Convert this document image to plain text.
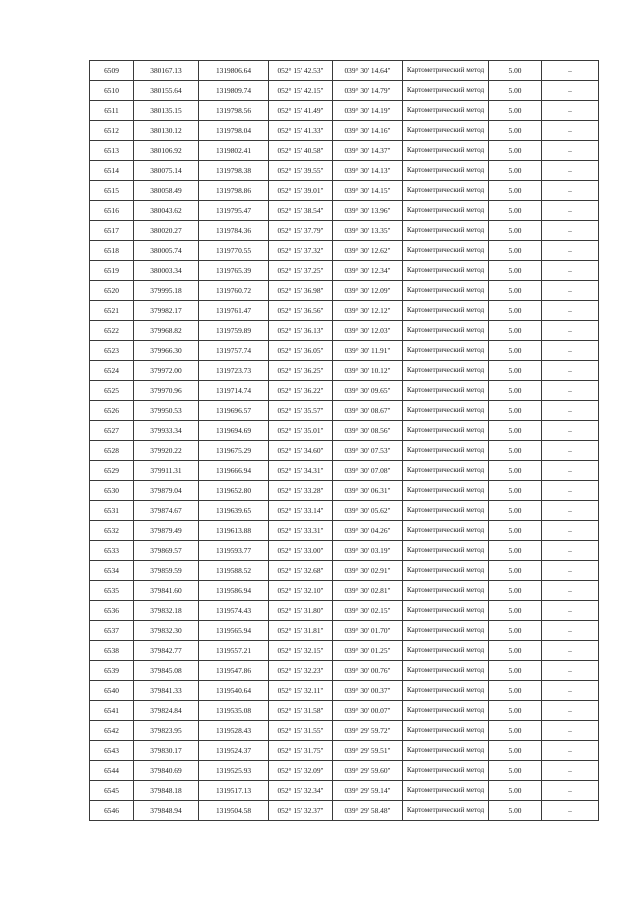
6509	380167.13	1319806.64	052° 15' 42.53"	039° 30' 14.64"	Картометрический метод	5.00	–
6510	380155.64	1319809.74	052° 15' 42.15"	039° 30' 14.79"	Картометрический метод	5.00	–
6511	380135.15	1319798.56	052° 15' 41.49"	039° 30' 14.19"	Картометрический метод	5.00	–
6512	380130.12	1319798.04	052° 15' 41.33"	039° 30' 14.16"	Картометрический метод	5.00	–
6513	380106.92	1319802.41	052° 15' 40.58"	039° 30' 14.37"	Картометрический метод	5.00	–
6514	380075.14	1319798.38	052° 15' 39.55"	039° 30' 14.13"	Картометрический метод	5.00	–
6515	380058.49	1319798.86	052° 15' 39.01"	039° 30' 14.15"	Картометрический метод	5.00	–
6516	380043.62	1319795.47	052° 15' 38.54"	039° 30' 13.96"	Картометрический метод	5.00	–
6517	380020.27	1319784.36	052° 15' 37.79"	039° 30' 13.35"	Картометрический метод	5.00	–
6518	380005.74	1319770.55	052° 15' 37.32"	039° 30' 12.62"	Картометрический метод	5.00	–
6519	380003.34	1319765.39	052° 15' 37.25"	039° 30' 12.34"	Картометрический метод	5.00	–
6520	379995.18	1319760.72	052° 15' 36.98"	039° 30' 12.09"	Картометрический метод	5.00	–
6521	379982.17	1319761.47	052° 15' 36.56"	039° 30' 12.12"	Картометрический метод	5.00	–
6522	379968.82	1319759.89	052° 15' 36.13"	039° 30' 12.03"	Картометрический метод	5.00	–
6523	379966.30	1319757.74	052° 15' 36.05"	039° 30' 11.91"	Картометрический метод	5.00	–
6524	379972.00	1319723.73	052° 15' 36.25"	039° 30' 10.12"	Картометрический метод	5.00	–
6525	379970.96	1319714.74	052° 15' 36.22"	039° 30' 09.65"	Картометрический метод	5.00	–
6526	379950.53	1319696.57	052° 15' 35.57"	039° 30' 08.67"	Картометрический метод	5.00	–
6527	379933.34	1319694.69	052° 15' 35.01"	039° 30' 08.56"	Картометрический метод	5.00	–
6528	379920.22	1319675.29	052° 15' 34.60"	039° 30' 07.53"	Картометрический метод	5.00	–
6529	379911.31	1319666.94	052° 15' 34.31"	039° 30' 07.08"	Картометрический метод	5.00	–
6530	379879.04	1319652.80	052° 15' 33.28"	039° 30' 06.31"	Картометрический метод	5.00	–
6531	379874.67	1319639.65	052° 15' 33.14"	039° 30' 05.62"	Картометрический метод	5.00	–
6532	379879.49	1319613.88	052° 15' 33.31"	039° 30' 04.26"	Картометрический метод	5.00	–
6533	379869.57	1319593.77	052° 15' 33.00"	039° 30' 03.19"	Картометрический метод	5.00	–
6534	379859.59	1319588.52	052° 15' 32.68"	039° 30' 02.91"	Картометрический метод	5.00	–
6535	379841.60	1319586.94	052° 15' 32.10"	039° 30' 02.81"	Картометрический метод	5.00	–
6536	379832.18	1319574.43	052° 15' 31.80"	039° 30' 02.15"	Картометрический метод	5.00	–
6537	379832.30	1319565.94	052° 15' 31.81"	039° 30' 01.70"	Картометрический метод	5.00	–
6538	379842.77	1319557.21	052° 15' 32.15"	039° 30' 01.25"	Картометрический метод	5.00	–
6539	379845.08	1319547.86	052° 15' 32.23"	039° 30' 00.76"	Картометрический метод	5.00	–
6540	379841.33	1319540.64	052° 15' 32.11"	039° 30' 00.37"	Картометрический метод	5.00	–
6541	379824.84	1319535.08	052° 15' 31.58"	039° 30' 00.07"	Картометрический метод	5.00	–
6542	379823.95	1319528.43	052° 15' 31.55"	039° 29' 59.72"	Картометрический метод	5.00	–
6543	379830.17	1319524.37	052° 15' 31.75"	039° 29' 59.51"	Картометрический метод	5.00	–
6544	379840.69	1319525.93	052° 15' 32.09"	039° 29' 59.60"	Картометрический метод	5.00	–
6545	379848.18	1319517.13	052° 15' 32.34"	039° 29' 59.14"	Картометрический метод	5.00	–
6546	379848.94	1319504.58	052° 15' 32.37"	039° 29' 58.48"	Картометрический метод	5.00	–
